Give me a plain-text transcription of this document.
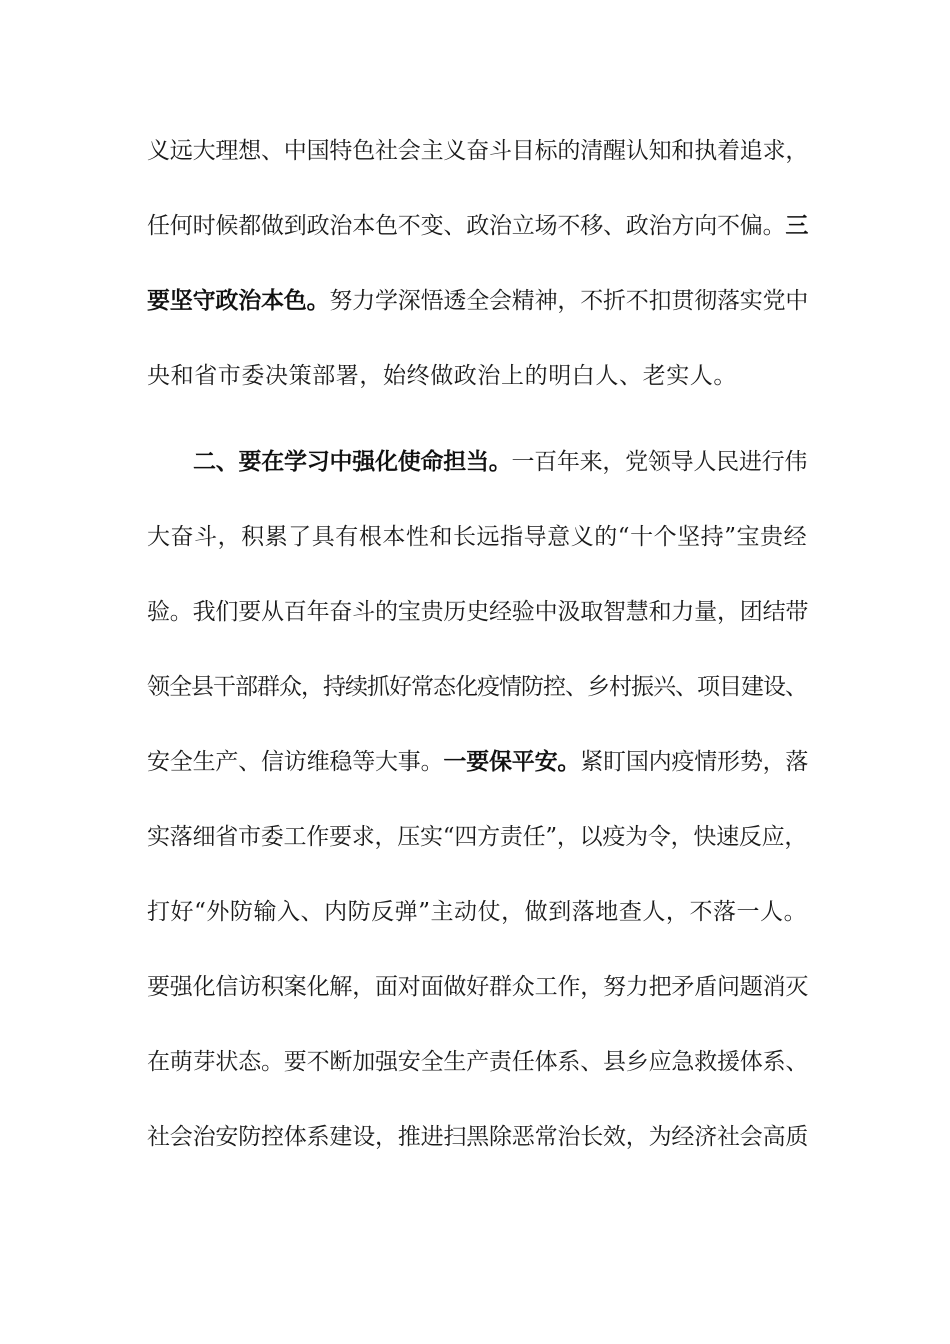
义远大理想、中国特色社会主义奋斗目标的清醒认知和执着追求，
任何时候都做到政治本色不变、政治立场不移、政治方向不偏。三
要坚守政治本色。努力学深悟透全会精神，不折不扣贯彻落实党中
央和省市委决策部署，始终做政治上的明白人、老实人。
二、要在学习中强化使命担当。一百年来，党领导人民进行伟
大奋斗，积累了具有根本性和长远指导意义的“十个坚持”宝贵经
验。我们要从百年奋斗的宝贵历史经验中汲取智慧和力量，团结带
领全县干部群众，持续抓好常态化疫情防控、乡村振兴、项目建设、
安全生产、信访维稳等大事。一要保平安。紧盯国内疫情形势，落
实落细省市委工作要求，压实“四方责任”，以疫为令，快速反应，
打好“外防输入、内防反弹”主动仗，做到落地查人，不落一人。
要强化信访积案化解，面对面做好群众工作，努力把矛盾问题消灭
在萌芽状态。要不断加强安全生产责任体系、县乡应急救援体系、
社会治安防控体系建设，推进扫黑除恶常治长效，为经济社会高质
